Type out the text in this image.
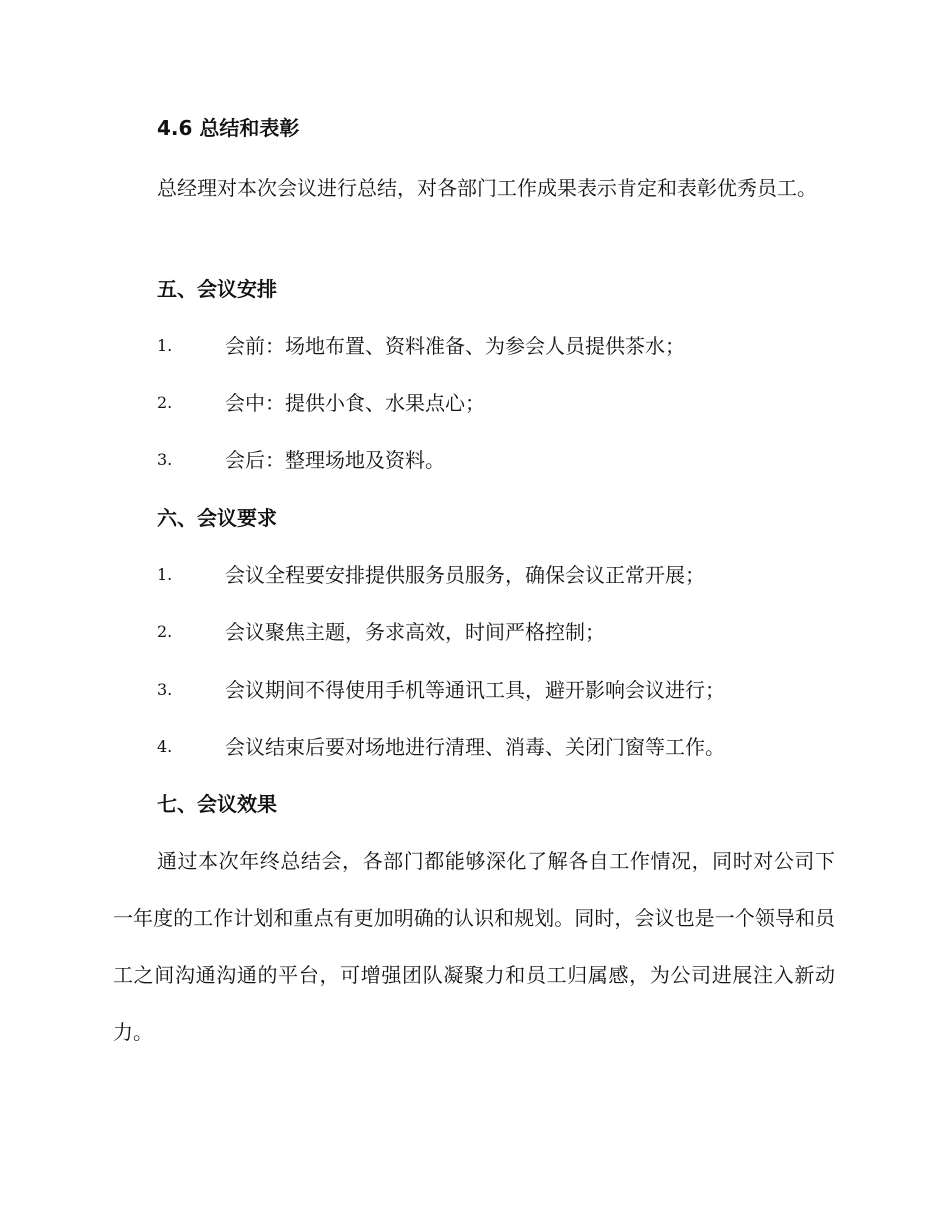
4.6 总结和表彰
总经理对本次会议进行总结，对各部门工作成果表示肯定和表彰优秀员工。
五、会议安排
1.	会前：场地布置、资料准备、为参会人员提供茶水；
2.	会中：提供小食、水果点心；
3.	会后：整理场地及资料。
六、会议要求
1.	会议全程要安排提供服务员服务，确保会议正常开展；
2.	会议聚焦主题，务求高效，时间严格控制；
3.	会议期间不得使用手机等通讯工具，避开影响会议进行；
4.	会议结束后要对场地进行清理、消毒、关闭门窗等工作。
七、会议效果
通过本次年终总结会，各部门都能够深化了解各自工作情况，同时对公司下一年度的工作计划和重点有更加明确的认识和规划。同时，会议也是一个领导和员工之间沟通沟通的平台，可增强团队凝聚力和员工归属感，为公司进展注入新动力。
